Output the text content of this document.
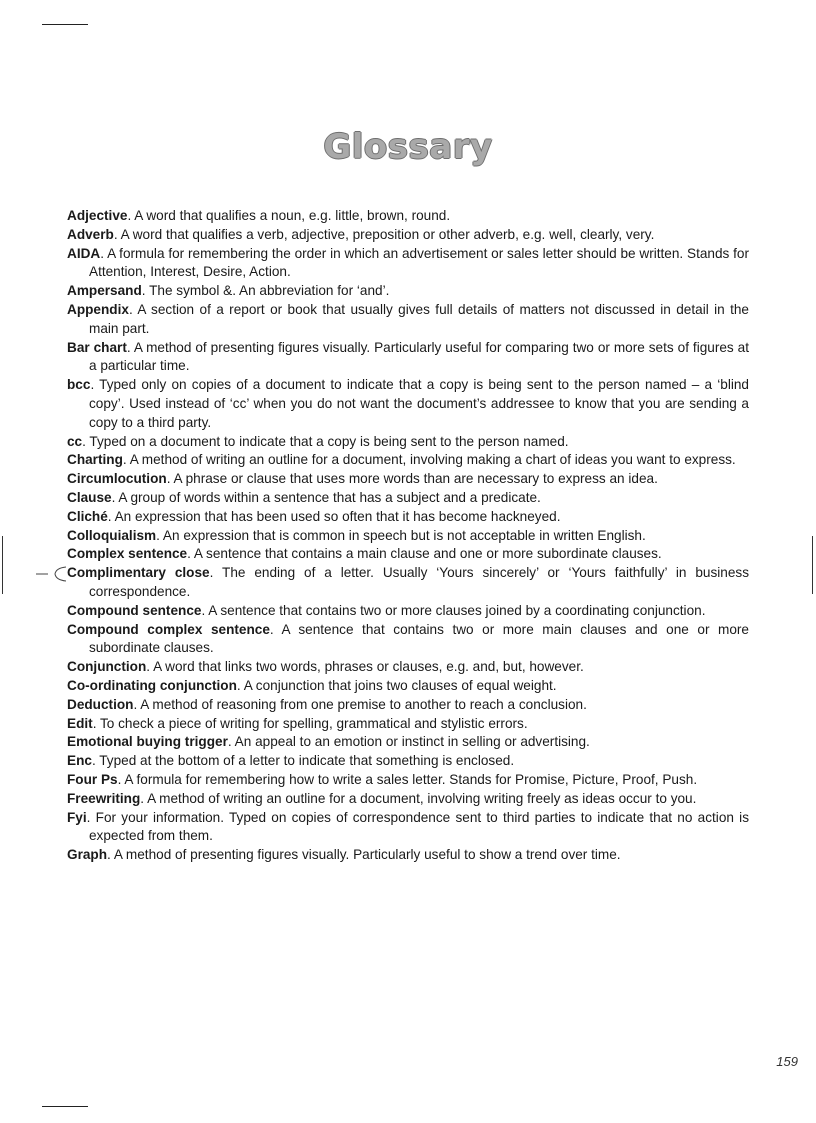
Glossary
Adjective. A word that qualifies a noun, e.g. little, brown, round.
Adverb. A word that qualifies a verb, adjective, preposition or other adverb, e.g. well, clearly, very.
AIDA. A formula for remembering the order in which an advertisement or sales letter should be written. Stands for Attention, Interest, Desire, Action.
Ampersand. The symbol &. An abbreviation for ‘and’.
Appendix. A section of a report or book that usually gives full details of matters not discussed in detail in the main part.
Bar chart. A method of presenting figures visually. Particularly useful for comparing two or more sets of figures at a particular time.
bcc. Typed only on copies of a document to indicate that a copy is being sent to the person named – a ‘blind copy’. Used instead of ‘cc’ when you do not want the document’s addressee to know that you are sending a copy to a third party.
cc. Typed on a document to indicate that a copy is being sent to the person named.
Charting. A method of writing an outline for a document, involving making a chart of ideas you want to express.
Circumlocution. A phrase or clause that uses more words than are necessary to express an idea.
Clause. A group of words within a sentence that has a subject and a predicate.
Cliché. An expression that has been used so often that it has become hackneyed.
Colloquialism. An expression that is common in speech but is not acceptable in written English.
Complex sentence. A sentence that contains a main clause and one or more subordinate clauses.
Complimentary close. The ending of a letter. Usually ‘Yours sincerely’ or ‘Yours faithfully’ in business correspondence.
Compound sentence. A sentence that contains two or more clauses joined by a coordinating conjunction.
Compound complex sentence. A sentence that contains two or more main clauses and one or more subordinate clauses.
Conjunction. A word that links two words, phrases or clauses, e.g. and, but, however.
Co-ordinating conjunction. A conjunction that joins two clauses of equal weight.
Deduction. A method of reasoning from one premise to another to reach a conclusion.
Edit. To check a piece of writing for spelling, grammatical and stylistic errors.
Emotional buying trigger. An appeal to an emotion or instinct in selling or advertising.
Enc. Typed at the bottom of a letter to indicate that something is enclosed.
Four Ps. A formula for remembering how to write a sales letter. Stands for Promise, Picture, Proof, Push.
Freewriting. A method of writing an outline for a document, involving writing freely as ideas occur to you.
Fyi. For your information. Typed on copies of correspondence sent to third parties to indicate that no action is expected from them.
Graph. A method of presenting figures visually. Particularly useful to show a trend over time.
159
